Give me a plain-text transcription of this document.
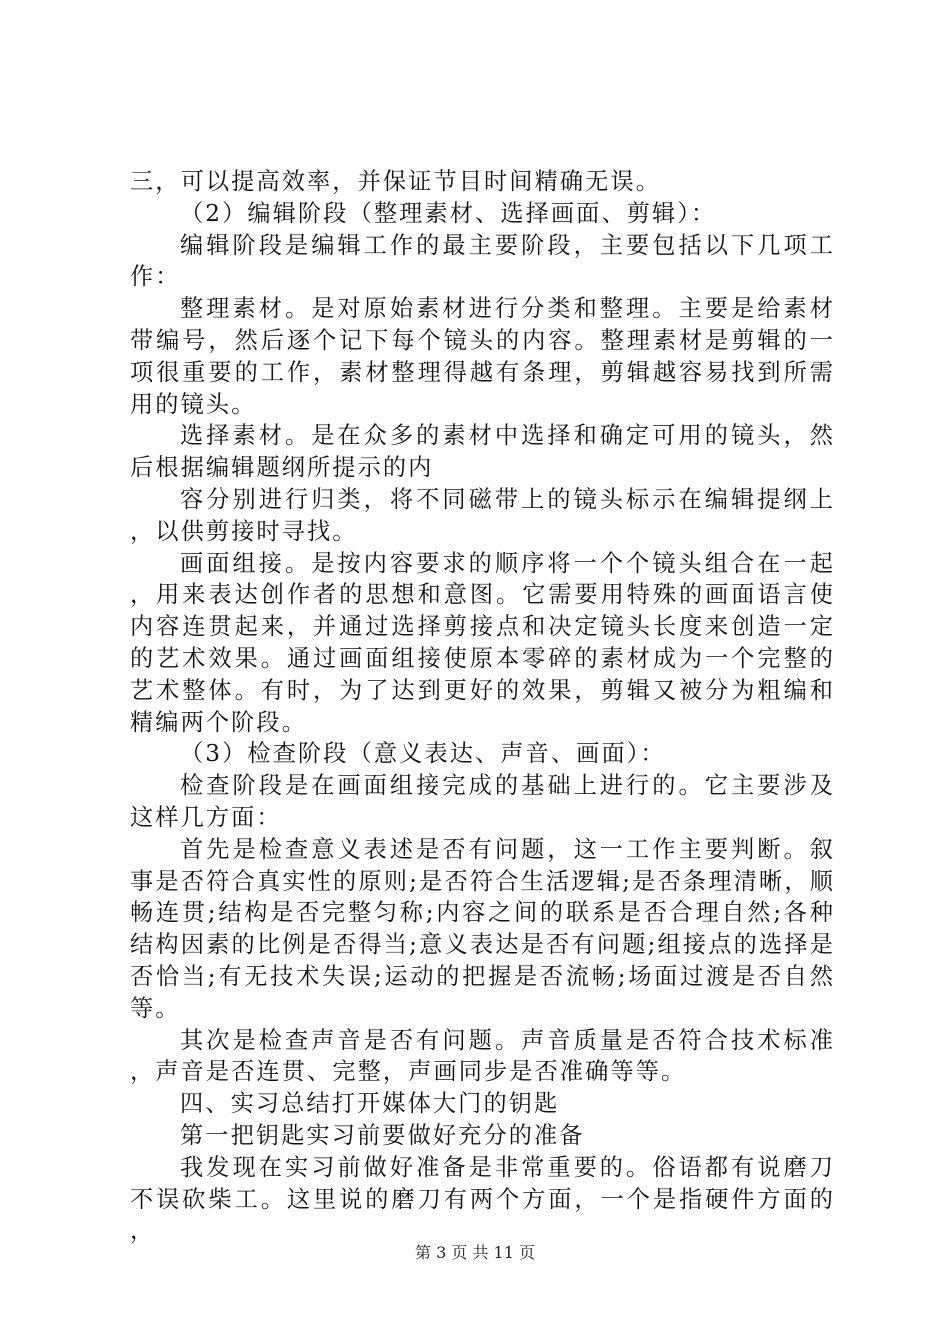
三，可以提高效率，并保证节目时间精确无误。

（2）编辑阶段（整理素材、选择画面、剪辑）：

编辑阶段是编辑工作的最主要阶段，主要包括以下几项工作：

整理素材。是对原始素材进行分类和整理。主要是给素材带编号，然后逐个记下每个镜头的内容。整理素材是剪辑的一项很重要的工作，素材整理得越有条理，剪辑越容易找到所需用的镜头。

选择素材。是在众多的素材中选择和确定可用的镜头，然后根据编辑题纲所提示的内

容分别进行归类，将不同磁带上的镜头标示在编辑提纲上，以供剪接时寻找。

画面组接。是按内容要求的顺序将一个个镜头组合在一起，用来表达创作者的思想和意图。它需要用特殊的画面语言使内容连贯起来，并通过选择剪接点和决定镜头长度来创造一定的艺术效果。通过画面组接使原本零碎的素材成为一个完整的艺术整体。有时，为了达到更好的效果，剪辑又被分为粗编和精编两个阶段。

（3）检查阶段（意义表达、声音、画面）：

检查阶段是在画面组接完成的基础上进行的。它主要涉及这样几方面：

首先是检查意义表述是否有问题，这一工作主要判断。叙事是否符合真实性的原则;是否符合生活逻辑;是否条理清晰，顺畅连贯;结构是否完整匀称;内容之间的联系是否合理自然;各种结构因素的比例是否得当;意义表达是否有问题;组接点的选择是否恰当;有无技术失误;运动的把握是否流畅;场面过渡是否自然等。

其次是检查声音是否有问题。声音质量是否符合技术标准，声音是否连贯、完整，声画同步是否准确等等。

四、实习总结打开媒体大门的钥匙

第一把钥匙实习前要做好充分的准备

我发现在实习前做好准备是非常重要的。俗语都有说磨刀不误砍柴工。这里说的磨刀有两个方面，一个是指硬件方面的，

第 3 页 共 11 页
